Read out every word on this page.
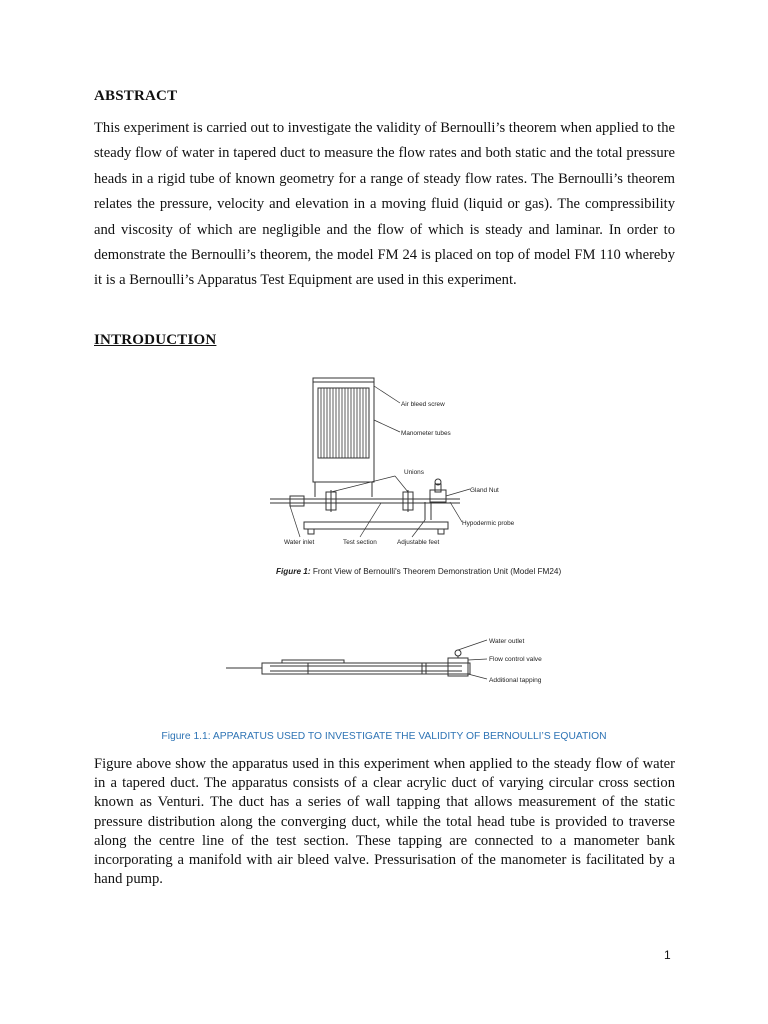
ABSTRACT
This experiment is carried out to investigate the validity of Bernoulli’s theorem when applied to the steady flow of water in tapered duct to measure the flow rates and both static and the total pressure heads in a rigid tube of known geometry for a range of steady flow rates. The Bernoulli’s theorem relates the pressure, velocity and elevation in a moving fluid (liquid or gas). The compressibility and viscosity of which are negligible and the flow of which is steady and laminar. In order to demonstrate the Bernoulli’s theorem, the model FM 24 is placed on top of model FM 110 whereby it is a Bernoulli’s Apparatus Test Equipment are used in this experiment.
INTRODUCTION
Air bleed screw
Manometer tubes
Unions
Gland Nut
Hypodermic probe
Water inlet	Test section	Adjustable feet
Figure 1: Front View of Bernoulli's Theorem Demonstration Unit (Model FM24)
Water outlet
Flow control valve
Additional tapping
Figure 1.1: APPARATUS USED TO INVESTIGATE THE VALIDITY OF BERNOULLI’S EQUATION
Figure above show the apparatus used in this experiment when applied to the steady flow of water in a tapered duct. The apparatus consists of a clear acrylic duct of varying circular cross section known as Venturi. The duct has a series of wall tapping that allows measurement of the static pressure distribution along the converging duct, while the total head tube is provided to traverse along the centre line of the test section. These tapping are connected to a manometer bank incorporating a manifold with air bleed valve. Pressurisation of the manometer is facilitated by a hand pump.
1
